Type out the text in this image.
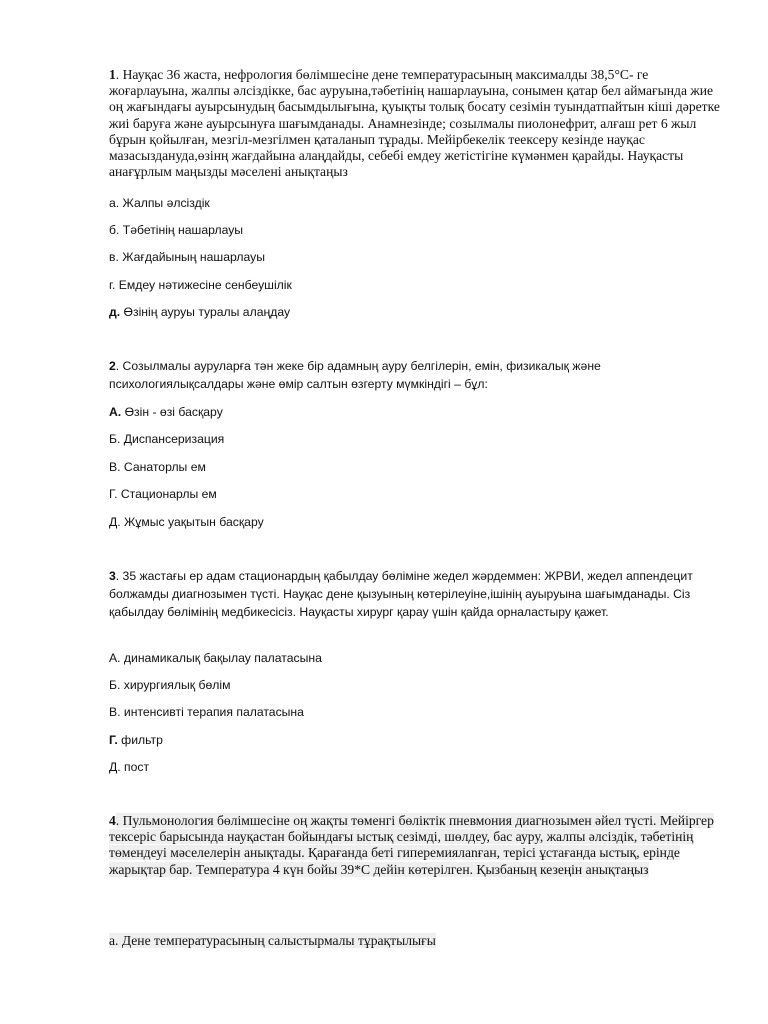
1. Науқас 36 жаста, нефрология бөлімшесіне дене температурасының максималды 38,5°С- ге жоғарлауына, жалпы әлсіздікке, бас ауруына,тәбетінің нашарлауына, сонымен қатар бел аймағында жие оң жағындағы ауырсынудың басымдылығына, қуықты толық босату сезімін туындатпайтын кіші дәретке жиі баруға және ауырсынуға шағымданады. Анамнезінде; созылмалы пиолонефрит, алғаш рет 6 жыл бұрын қойылған, мезгіл-мезгілмен қаталанып тұрады. Мейірбекелік теексеру кезінде науқас мазасызданудa,өзінң жағдайына алаңдайды, себебі емдеу жетістігіне күмәнмен қарайды. Науқасты анағұрлым маңызды мәселені анықтаңыз

а. Жалпы әлсіздік
б. Тәбетінің нашарлауы
в. Жағдайының нашарлауы
г. Емдеу нәтижесіне сенбеушілік
д. Өзінің ауруы туралы алаңдау

2. Созылмалы ауруларға тән жеке бір адамның ауру белгілерін, емін, физикалық және психологиялықсалдары және өмір салтын өзгерту мүмкіндігі – бұл:

А. Өзін - өзі басқару
Б. Диспансеризация
В. Санаторлы ем
Г. Стационарлы ем
Д. Жұмыс уақытын басқару

3. 35 жастағы ер адам стационардың қабылдау бөліміне жедел жәрдеммен: ЖРВИ, жедел аппендецит болжамды диагнозымен түсті. Науқас дене қызуының көтерілеуіне,ішінің ауыруына шағымданады. Сіз қабылдау бөлімінің медбикесісіз. Науқасты хирург қарау үшін қайда орналастыру қажет.

А. динамикалық бақылау палатасына
Б. хирургиялық бөлім
В. интенсивті терапия палатасына
Г. фильтр
Д. пост

4. Пульмонология бөлімшесіне оң жақты төменгі бөліктік пневмония диагнозымен әйел түсті. Мейіргер тексеріс барысында науқастан бойындағы ыстық сезімді, шөлдеу, бас ауру, жалпы әлсіздік, тәбетінің төмендеуі мәселелерін анықтады. Қарағанда беті гиперемиялanған, терісі ұстағанда ыстық, ерінде жарықтар бар. Температура 4 күн бойы 39*С дейін көтерілген. Қызбаның кезеңін анықтаңыз

а. Дене температурасының салыстырмалы тұрақтылығы
